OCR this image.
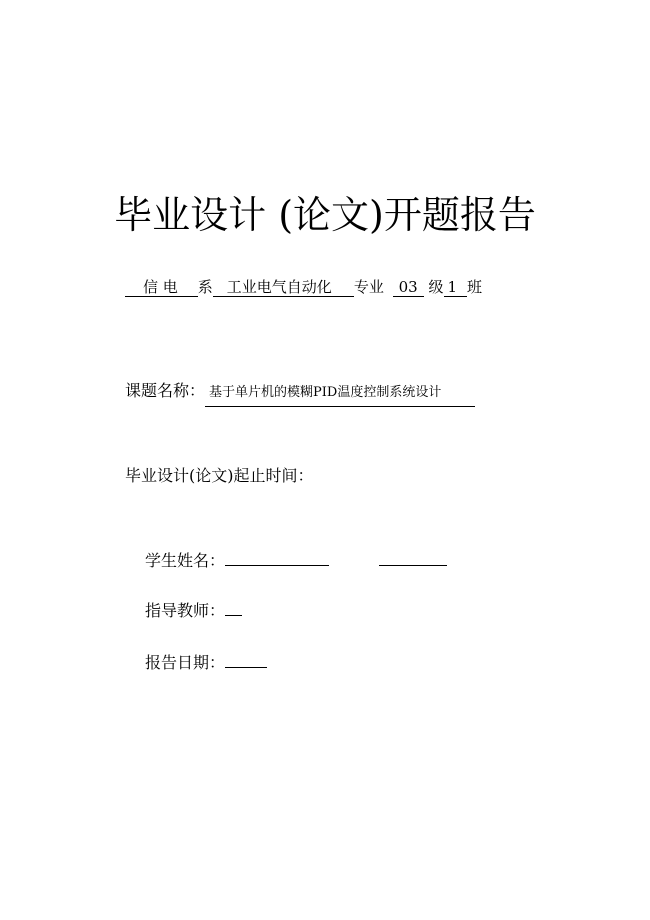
毕业设计 (论文)开题报告
信 电 系 工业电气自动化 专业 03 级 1 班
课题名称： 基于单片机的模糊PID温度控制系统设计
毕业设计(论文)起止时间：
学生姓名：
指导教师：
报告日期：
